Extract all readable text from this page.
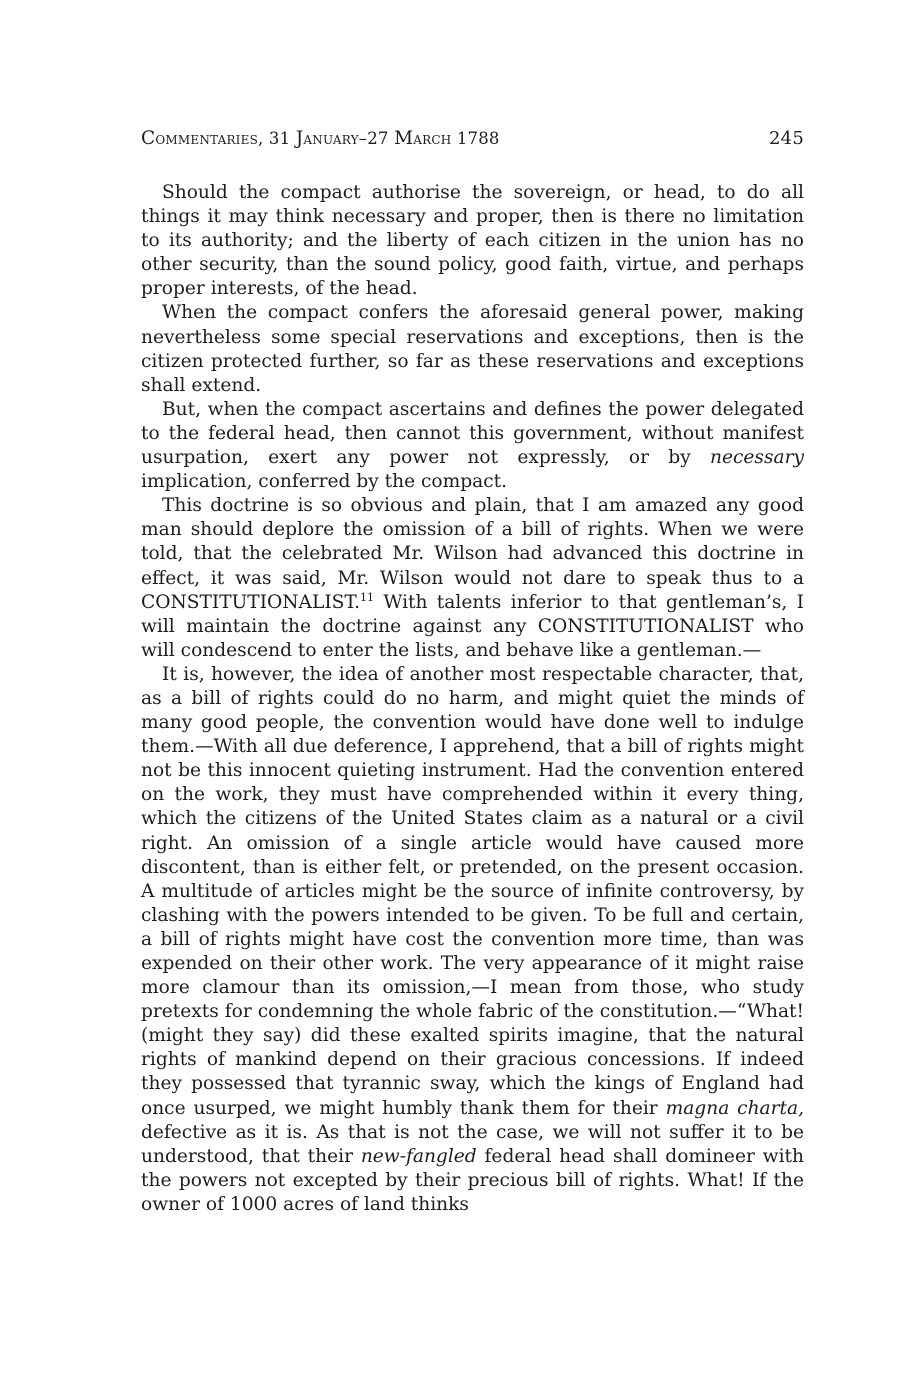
Commentaries, 31 January–27 March 1788	245

Should the compact authorise the sovereign, or head, to do all things it may think necessary and proper, then is there no limitation to its authority; and the liberty of each citizen in the union has no other security, than the sound policy, good faith, virtue, and perhaps proper interests, of the head.

When the compact confers the aforesaid general power, making nevertheless some special reservations and exceptions, then is the citizen protected further, so far as these reservations and exceptions shall extend.

But, when the compact ascertains and defines the power delegated to the federal head, then cannot this government, without manifest usurpation, exert any power not expressly, or by necessary implication, conferred by the compact.

This doctrine is so obvious and plain, that I am amazed any good man should deplore the omission of a bill of rights. When we were told, that the celebrated Mr. Wilson had advanced this doctrine in effect, it was said, Mr. Wilson would not dare to speak thus to a CONSTITUTIONALIST.$^{11}$ With talents inferior to that gentleman’s, I will maintain the doctrine against any CONSTITUTIONALIST who will condescend to enter the lists, and behave like a gentleman.—

It is, however, the idea of another most respectable character, that, as a bill of rights could do no harm, and might quiet the minds of many good people, the convention would have done well to indulge them.—With all due deference, I apprehend, that a bill of rights might not be this innocent quieting instrument. Had the convention entered on the work, they must have comprehended within it every thing, which the citizens of the United States claim as a natural or a civil right. An omission of a single article would have caused more discontent, than is either felt, or pretended, on the present occasion. A multitude of articles might be the source of infinite controversy, by clashing with the powers intended to be given. To be full and certain, a bill of rights might have cost the convention more time, than was expended on their other work. The very appearance of it might raise more clamour than its omission,—I mean from those, who study pretexts for condemning the whole fabric of the constitution.—“What! (might they say) did these exalted spirits imagine, that the natural rights of mankind depend on their gracious concessions. If indeed they possessed that tyrannic sway, which the kings of England had once usurped, we might humbly thank them for their magna charta, defective as it is. As that is not the case, we will not suffer it to be understood, that their new-fangled federal head shall domineer with the powers not excepted by their precious bill of rights. What! If the owner of 1000 acres of land thinks
